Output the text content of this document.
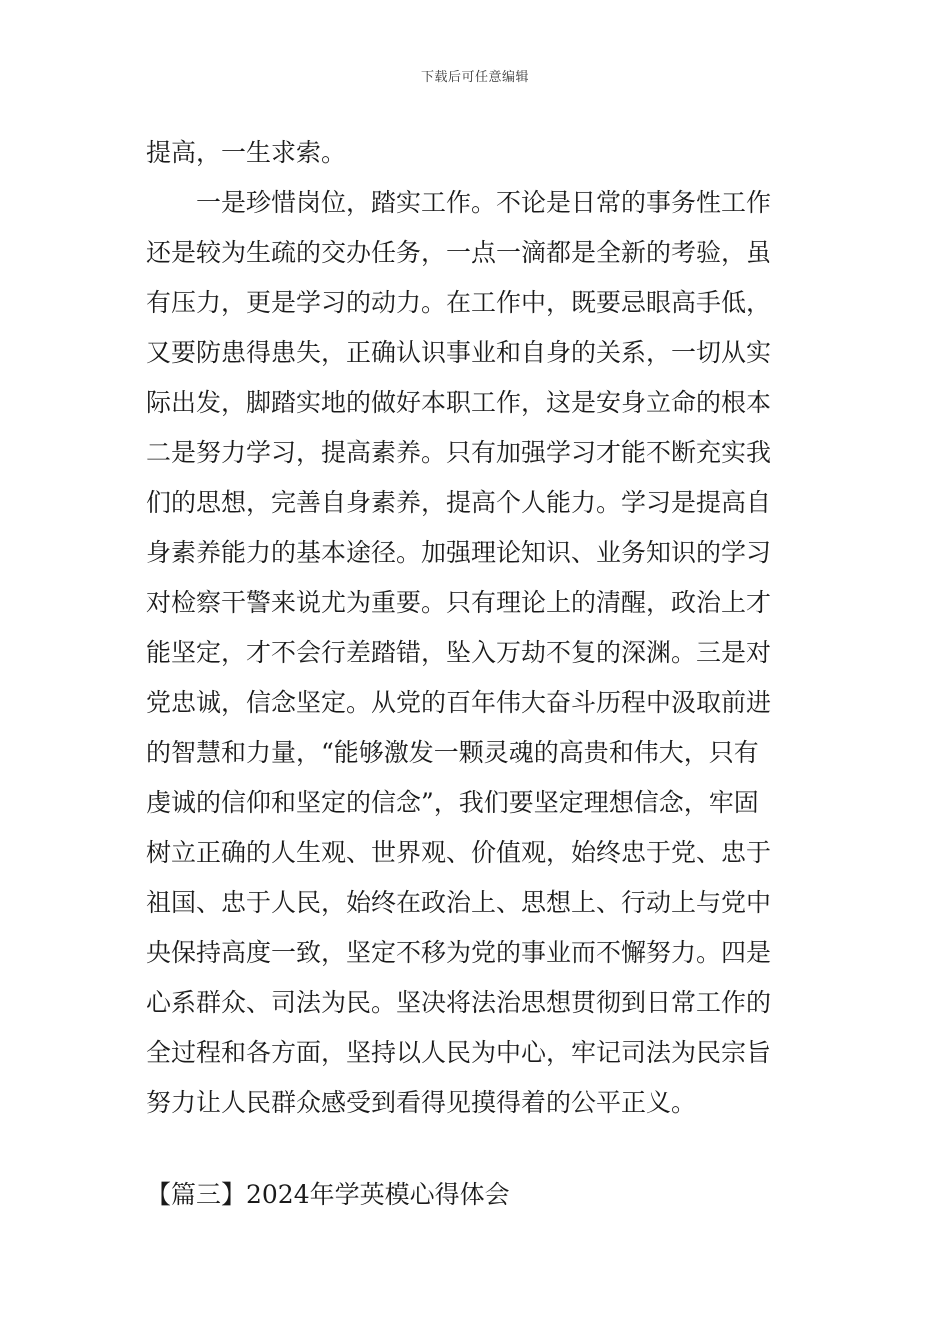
下载后可任意编辑
提高，一生求索。
一是珍惜岗位，踏实工作。不论是日常的事务性工作
还是较为生疏的交办任务，一点一滴都是全新的考验，虽
有压力，更是学习的动力。在工作中，既要忌眼高手低，
又要防患得患失，正确认识事业和自身的关系，一切从实
际出发，脚踏实地的做好本职工作，这是安身立命的根本
二是努力学习，提高素养。只有加强学习才能不断充实我
们的思想，完善自身素养，提高个人能力。学习是提高自
身素养能力的基本途径。加强理论知识、业务知识的学习
对检察干警来说尤为重要。只有理论上的清醒，政治上才
能坚定，才不会行差踏错，坠入万劫不复的深渊。三是对
党忠诚，信念坚定。从党的百年伟大奋斗历程中汲取前进
的智慧和力量，“能够激发一颗灵魂的高贵和伟大，只有
虔诚的信仰和坚定的信念”，我们要坚定理想信念，牢固
树立正确的人生观、世界观、价值观，始终忠于党、忠于
祖国、忠于人民，始终在政治上、思想上、行动上与党中
央保持高度一致，坚定不移为党的事业而不懈努力。四是
心系群众、司法为民。坚决将法治思想贯彻到日常工作的
全过程和各方面，坚持以人民为中心，牢记司法为民宗旨
努力让人民群众感受到看得见摸得着的公平正义。
【篇三】2024年学英模心得体会
